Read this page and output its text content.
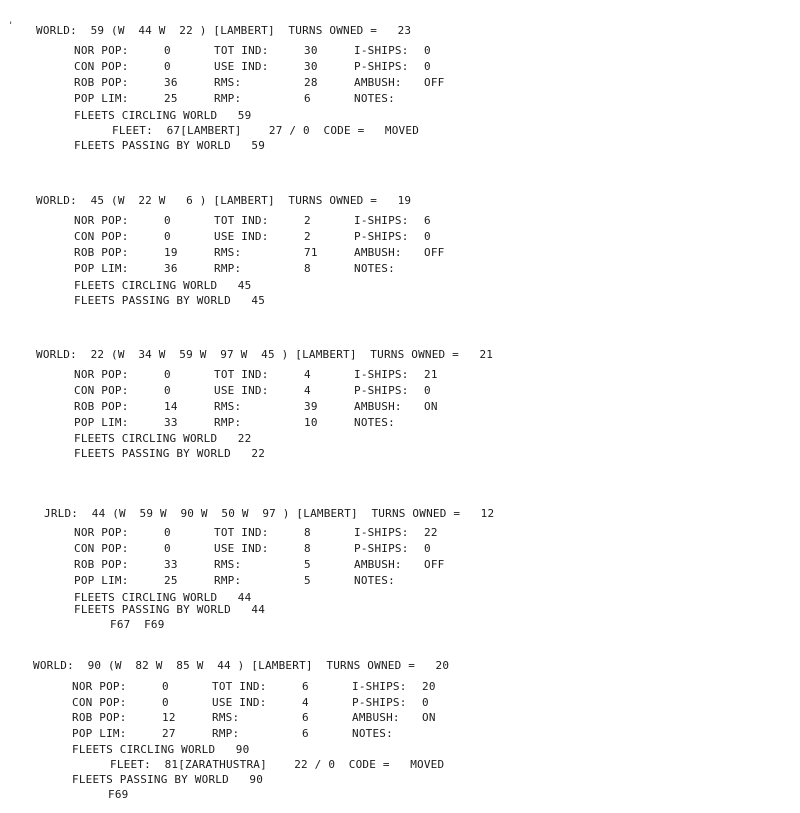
' WORLD:  59 (W  44 W  22 ) [LAMBERT]  TURNS OWNED =   23
NOR POP:	0	TOT IND:	30	I-SHIPS: 0
CON POP:	0	USE IND:	30	P-SHIPS: 0
ROB POP:	36	RMS:	28	AMBUSH: OFF
POP LIM:	25	RMP:	6	NOTES:
FLEETS CIRCLING WORLD   59
FLEET:  67[LAMBERT]    27 / 0  CODE =   MOVED
FLEETS PASSING BY WORLD   59
WORLD:  45 (W  22 W   6 ) [LAMBERT]  TURNS OWNED =   19
NOR POP:	0	TOT IND:	2	I-SHIPS: 6
CON POP:	0	USE IND:	2	P-SHIPS: 0
ROB POP:	19	RMS:	71	AMBUSH: OFF
POP LIM:	36	RMP:	8	NOTES:
FLEETS CIRCLING WORLD   45
FLEETS PASSING BY WORLD   45
WORLD:  22 (W  34 W  59 W  97 W  45 ) [LAMBERT]  TURNS OWNED =   21
NOR POP:	0	TOT IND:	4	I-SHIPS: 21
CON POP:	0	USE IND:	4	P-SHIPS: 0
ROB POP:	14	RMS:	39	AMBUSH: ON
POP LIM:	33	RMP:	10	NOTES:
FLEETS CIRCLING WORLD   22
FLEETS PASSING BY WORLD   22
JRLD:  44 (W  59 W  90 W  50 W  97 ) [LAMBERT]  TURNS OWNED =   12
NOR POP:	0	TOT IND:	8	I-SHIPS: 22
CON POP:	0	USE IND:	8	P-SHIPS: 0
ROB POP:	33	RMS:	5	AMBUSH: OFF
POP LIM:	25	RMP:	5	NOTES:
FLEETS CIRCLING WORLD   44
FLEETS PASSING BY WORLD   44
F67  F69
WORLD:  90 (W  82 W  85 W  44 ) [LAMBERT]  TURNS OWNED =   20
NOR POP:	0	TOT IND:	6	I-SHIPS: 20
CON POP:	0	USE IND:	4	P-SHIPS: 0
ROB POP:	12	RMS:	6	AMBUSH: ON
POP LIM:	27	RMP:	6	NOTES:
FLEETS CIRCLING WORLD   90
FLEET:  81[ZARATHUSTRA]    22 / 0  CODE =   MOVED
FLEETS PASSING BY WORLD   90
F69
